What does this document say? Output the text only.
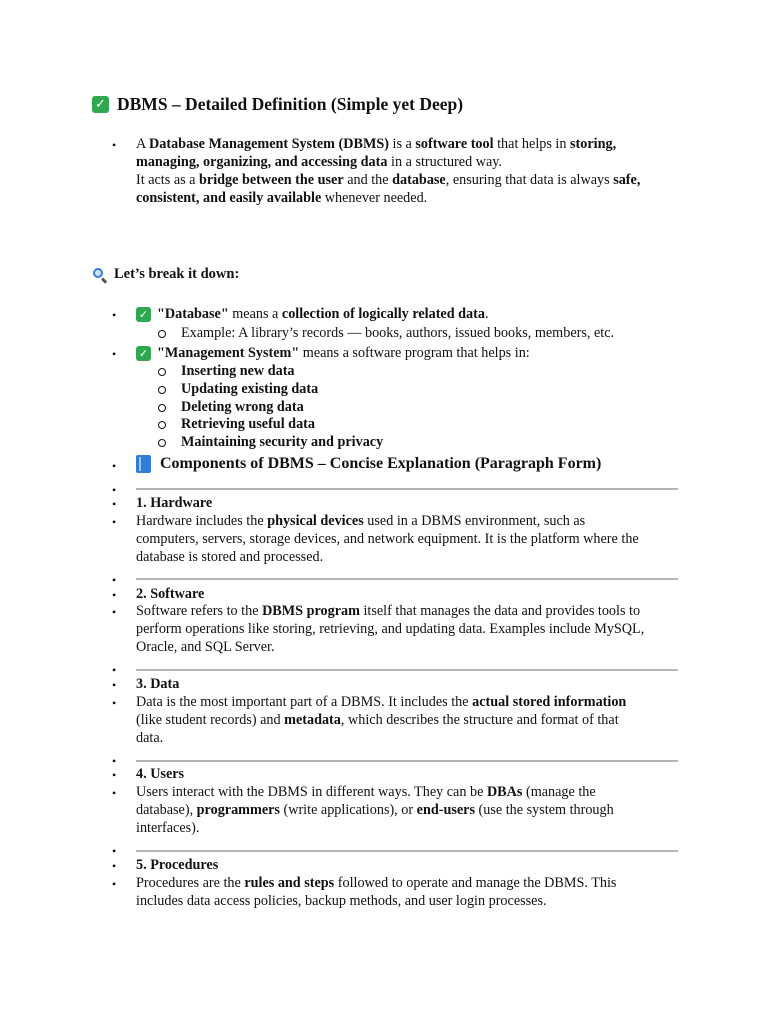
✓ DBMS – Detailed Definition (Simple yet Deep)
• A Database Management System (DBMS) is a software tool that helps in storing,
managing, organizing, and accessing data in a structured way.
It acts as a bridge between the user and the database, ensuring that data is always safe,
consistent, and easily available whenever needed.
Let’s break it down:
• ✓ "Database" means a collection of logically related data .
Example: A library’s records — books, authors, issued books, members, etc.
• ✓ "Management System" means a software program that helps in:
Inserting new data
Updating existing data
Deleting wrong data
Retrieving useful data
Maintaining security and privacy
•	Components of DBMS – Concise Explanation (Paragraph Form)
•
• 1. Hardware
• Hardware includes the physical devices used in a DBMS environment, such as
computers, servers, storage devices, and network equipment. It is the platform where the
database is stored and processed.
•
• 2. Software
• Software refers to the DBMS program itself that manages the data and provides tools to
perform operations like storing, retrieving, and updating data. Examples include MySQL,
Oracle, and SQL Server.
•
• 3. Data
• Data is the most important part of a DBMS. It includes the actual stored information
(like student records) and metadata, which describes the structure and format of that
data.
•
• 4. Users
• Users interact with the DBMS in different ways. They can be DBAs (manage the
database), programmers (write applications), or end-users (use the system through
interfaces).
•
• 5. Procedures
• Procedures are the rules and steps followed to operate and manage the DBMS. This
includes data access policies, backup methods, and user login processes.
